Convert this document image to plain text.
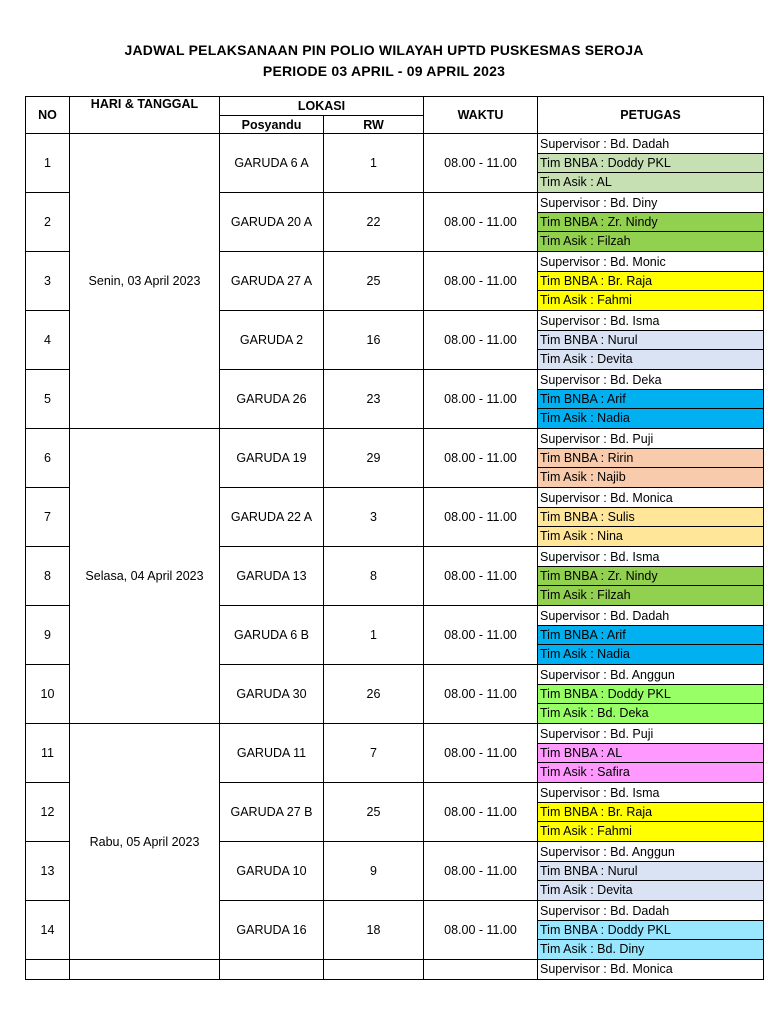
JADWAL PELAKSANAAN PIN POLIO WILAYAH UPTD PUSKESMAS SEROJA
PERIODE 03 APRIL - 09 APRIL 2023
NO	HARI & TANGGAL	LOKASI		WAKTU	PETUGAS
		Posyandu	RW		
1	Senin, 03 April 2023	GARUDA 6 A	1	08.00 - 11.00	Supervisor : Bd. Dadah
Tim BNBA : Doddy PKL
Tim Asik : AL

2		GARUDA 20 A	22	08.00 - 11.00	Supervisor : Bd. Diny
Tim BNBA : Zr. Nindy
Tim Asik : Filzah

3		GARUDA 27 A	25	08.00 - 11.00	Supervisor : Bd. Monic
Tim BNBA : Br. Raja
Tim Asik : Fahmi

4		GARUDA 2	16	08.00 - 11.00	Supervisor : Bd. Isma
Tim BNBA : Nurul
Tim Asik : Devita

5		GARUDA 26	23	08.00 - 11.00	Supervisor : Bd. Deka
Tim BNBA : Arif
Tim Asik : Nadia

6	Selasa, 04 April 2023	GARUDA 19	29	08.00 - 11.00	Supervisor : Bd. Puji
Tim BNBA : Ririn
Tim Asik : Najib

7		GARUDA 22 A	3	08.00 - 11.00	Supervisor : Bd. Monica
Tim BNBA : Sulis
Tim Asik : Nina

8		GARUDA 13	8	08.00 - 11.00	Supervisor : Bd. Isma
Tim BNBA : Zr. Nindy
Tim Asik : Filzah

9		GARUDA 6 B	1	08.00 - 11.00	Supervisor : Bd. Dadah
Tim BNBA : Arif
Tim Asik : Nadia

10		GARUDA 30	26	08.00 - 11.00	Supervisor : Bd. Anggun
Tim BNBA : Doddy PKL
Tim Asik : Bd. Deka

11	Rabu, 05 April 2023	GARUDA 11	7	08.00 - 11.00	Supervisor : Bd. Puji
Tim BNBA : AL
Tim Asik : Safira

12		GARUDA 27 B	25	08.00 - 11.00	Supervisor : Bd. Isma
Tim BNBA : Br. Raja
Tim Asik : Fahmi

13		GARUDA 10	9	08.00 - 11.00	Supervisor : Bd. Anggun
Tim BNBA : Nurul
Tim Asik : Devita

14		GARUDA 16	18	08.00 - 11.00	Supervisor : Bd. Dadah
Tim BNBA : Doddy PKL
Tim Asik : Bd. Diny

					Supervisor : Bd. Monica
